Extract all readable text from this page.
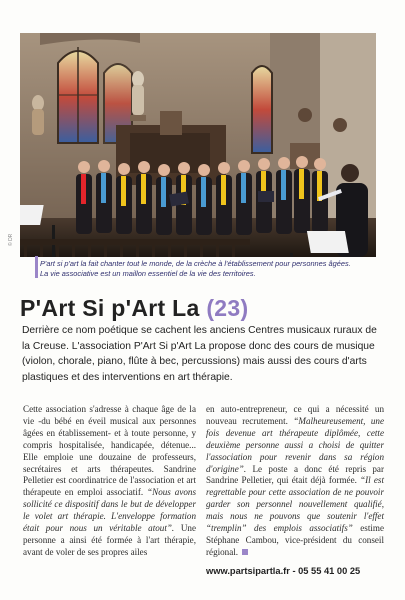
© DR
P'art si p'art la fait chanter tout le monde, de la crèche à l'établissement pour personnes âgées.
La vie associative est un maillon essentiel de la vie des territoires.
P'Art Si p'Art La (23)
Derrière ce nom poétique se cachent les anciens Centres musicaux ruraux de la Creuse. L'association P'Art Si p'Art La propose donc des cours de musique (violon, chorale, piano, flûte à bec, percussions) mais aussi des cours d'arts plastiques et des interventions en art thérapie.

Cette association s'adresse à chaque âge de la vie -du bébé en éveil musical aux personnes âgées en établissement- et à toute personne, y compris hospitalisée, handicapée, détenue... Elle emploie une douzaine de professeurs, secrétaires et arts thérapeutes. Sandrine Pelletier est coordinatrice de l'association et art thérapeute en emploi associatif. “Nous avons sollicité ce dispositif dans le but de développer le volet art thérapie. L'enveloppe formation était pour nous un véritable atout”. Une personne a ainsi été formée à l'art thérapie, avant de voler de ses propres ailes

en auto-entrepreneur, ce qui a nécessité un nouveau recrutement. “Malheureusement, une fois devenue art thérapeute diplômée, cette deuxième personne aussi a choisi de quitter l'association pour revenir dans sa région d'origine”. Le poste a donc été repris par Sandrine Pelletier, qui était déjà formée. “Il est regrettable pour cette association de ne pouvoir garder son personnel nouvellement qualifié, mais nous ne pouvons que soutenir l'effet “tremplin” des emplois associatifs” estime Stéphane Cambou, vice-président du conseil régional.

www.partsipartla.fr - 05 55 41 00 25
